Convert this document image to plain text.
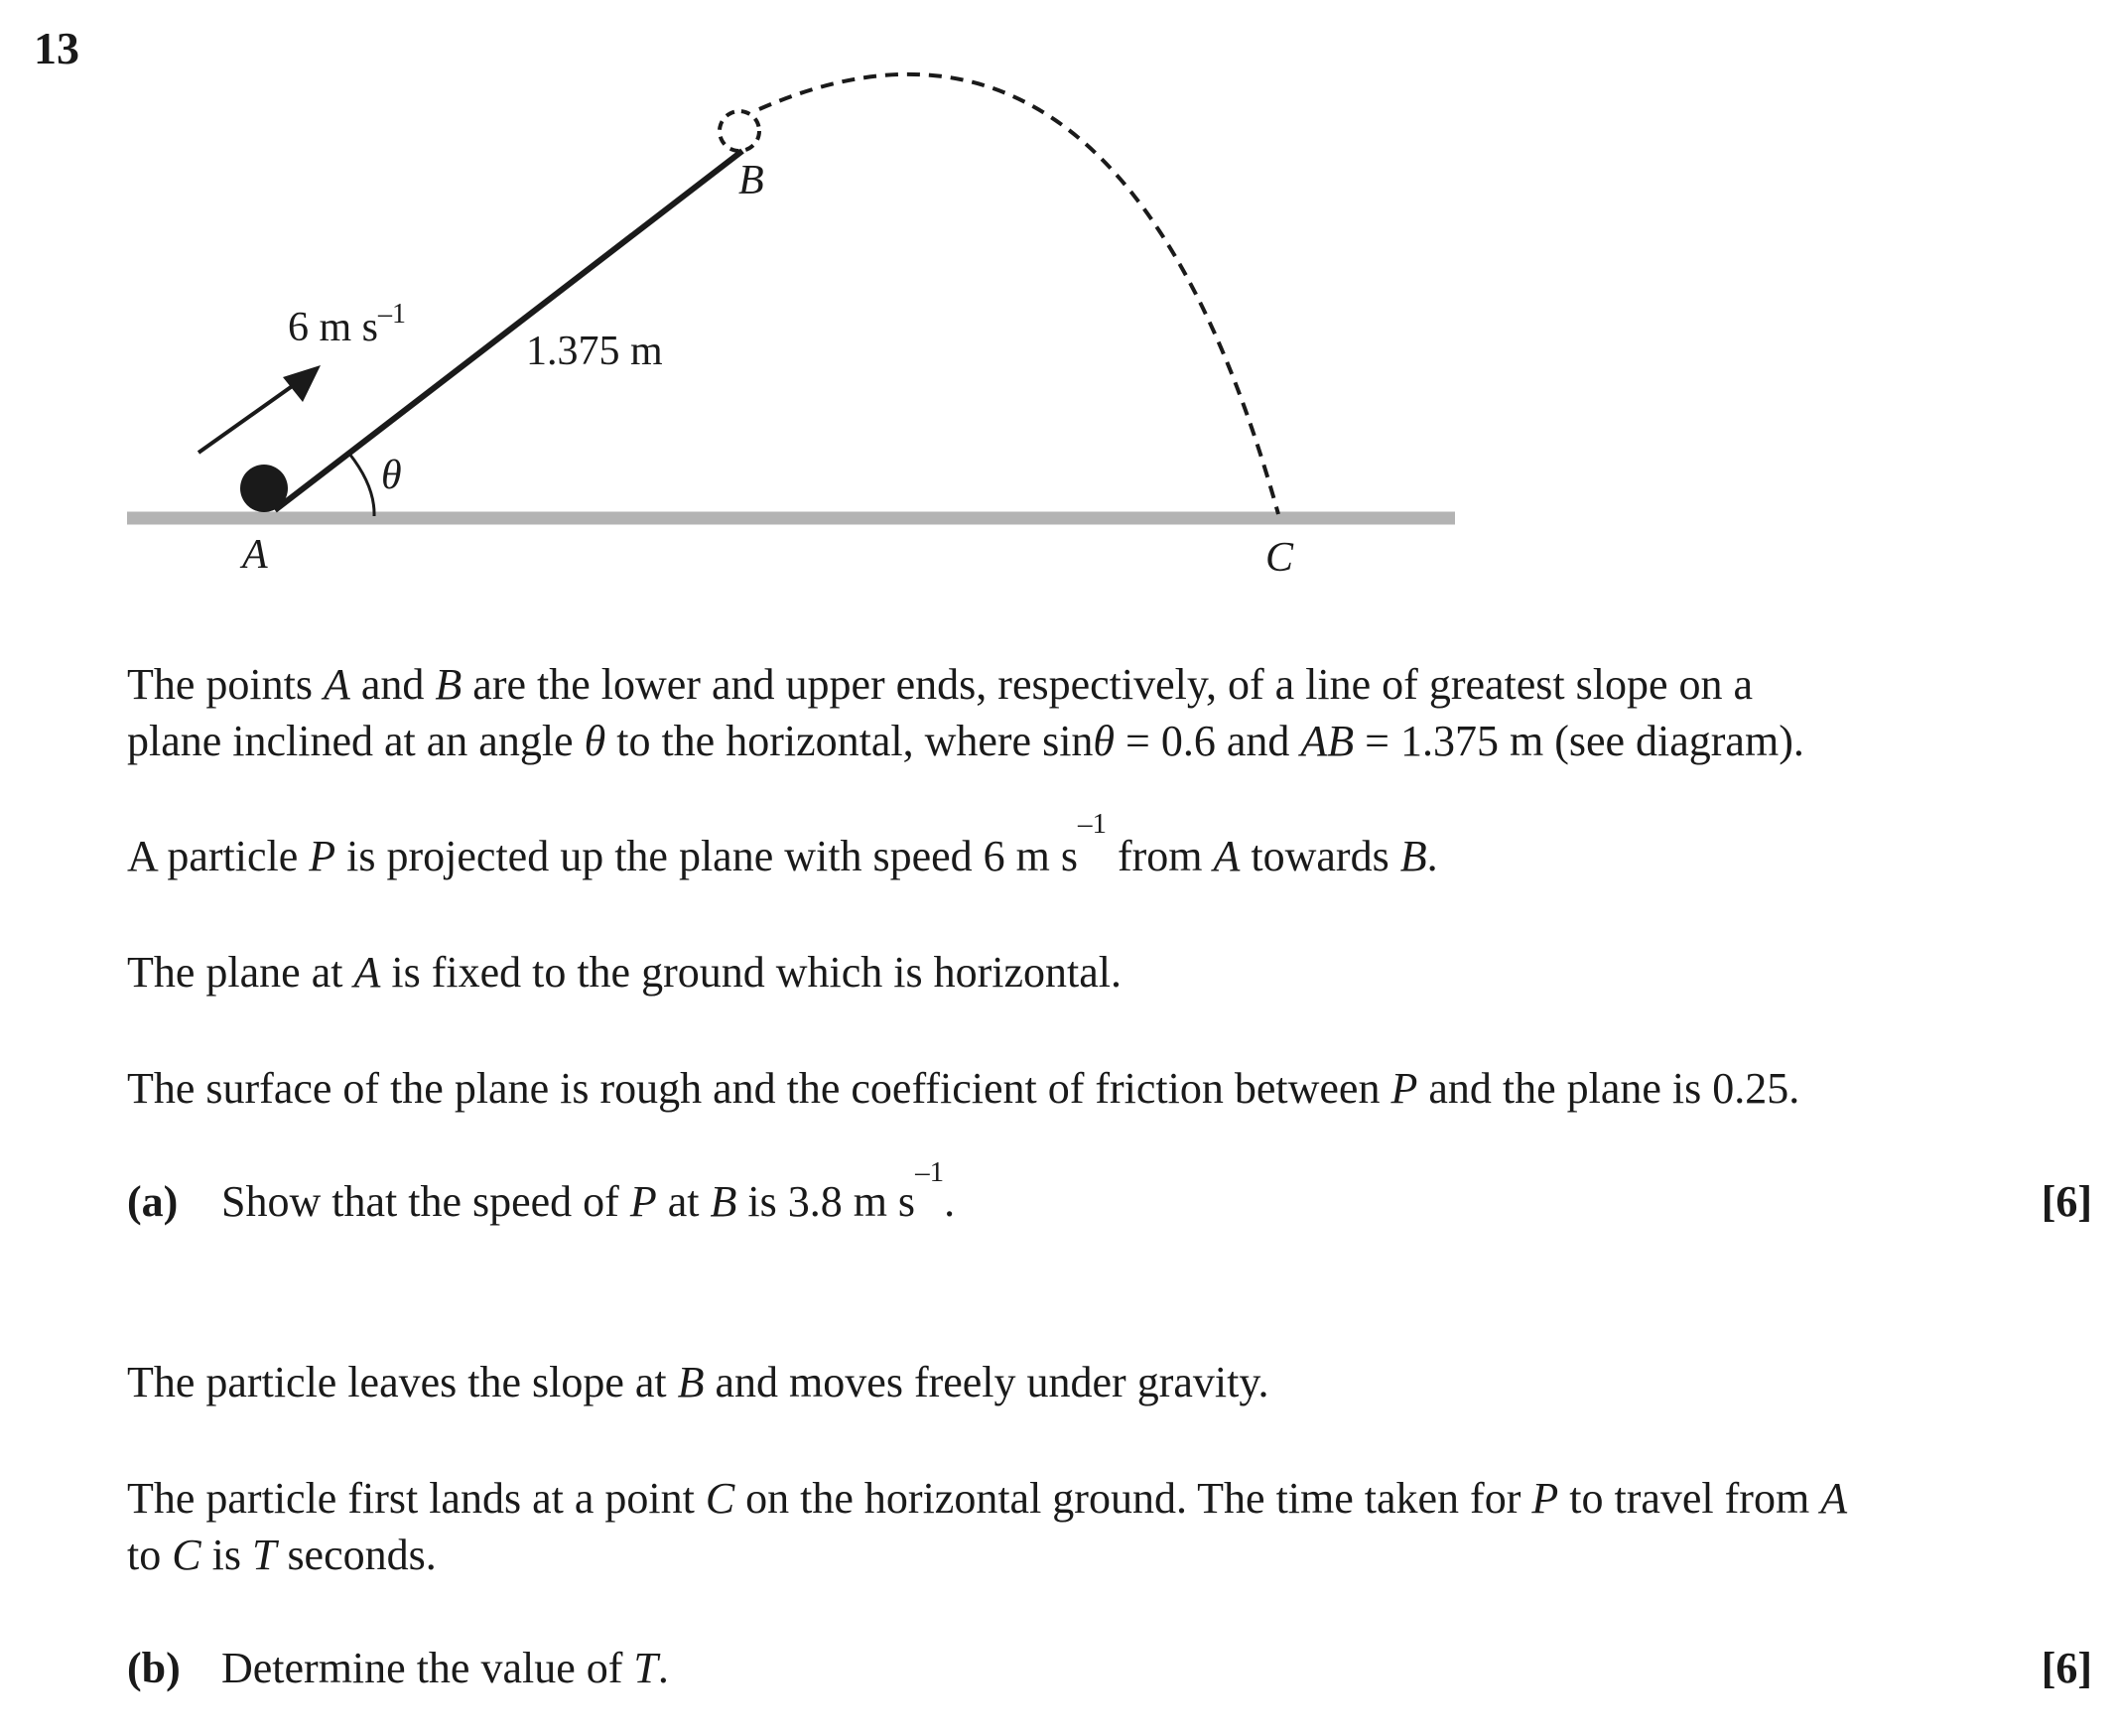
13
6 m $s^{-1}$
1.375 m
θ
A
B
C
The points A and B are the lower and upper ends, respectively, of a line of greatest slope on a
plane inclined at an angle θ to the horizontal, where sinθ = 0.6 and AB = 1.375 m (see diagram).
A particle P is projected up the plane with speed 6 m $s^{-1}$ from A towards B.
The plane at A is fixed to the ground which is horizontal.
The surface of the plane is rough and the coefficient of friction between P and the plane is 0.25.
(a) Show that the speed of P at B is 3.8 m $s^{-1}$.	[6]
The particle leaves the slope at B and moves freely under gravity.
The particle first lands at a point C on the horizontal ground. The time taken for P to travel from A
to C is T seconds.
(b) Determine the value of T.	[6]
